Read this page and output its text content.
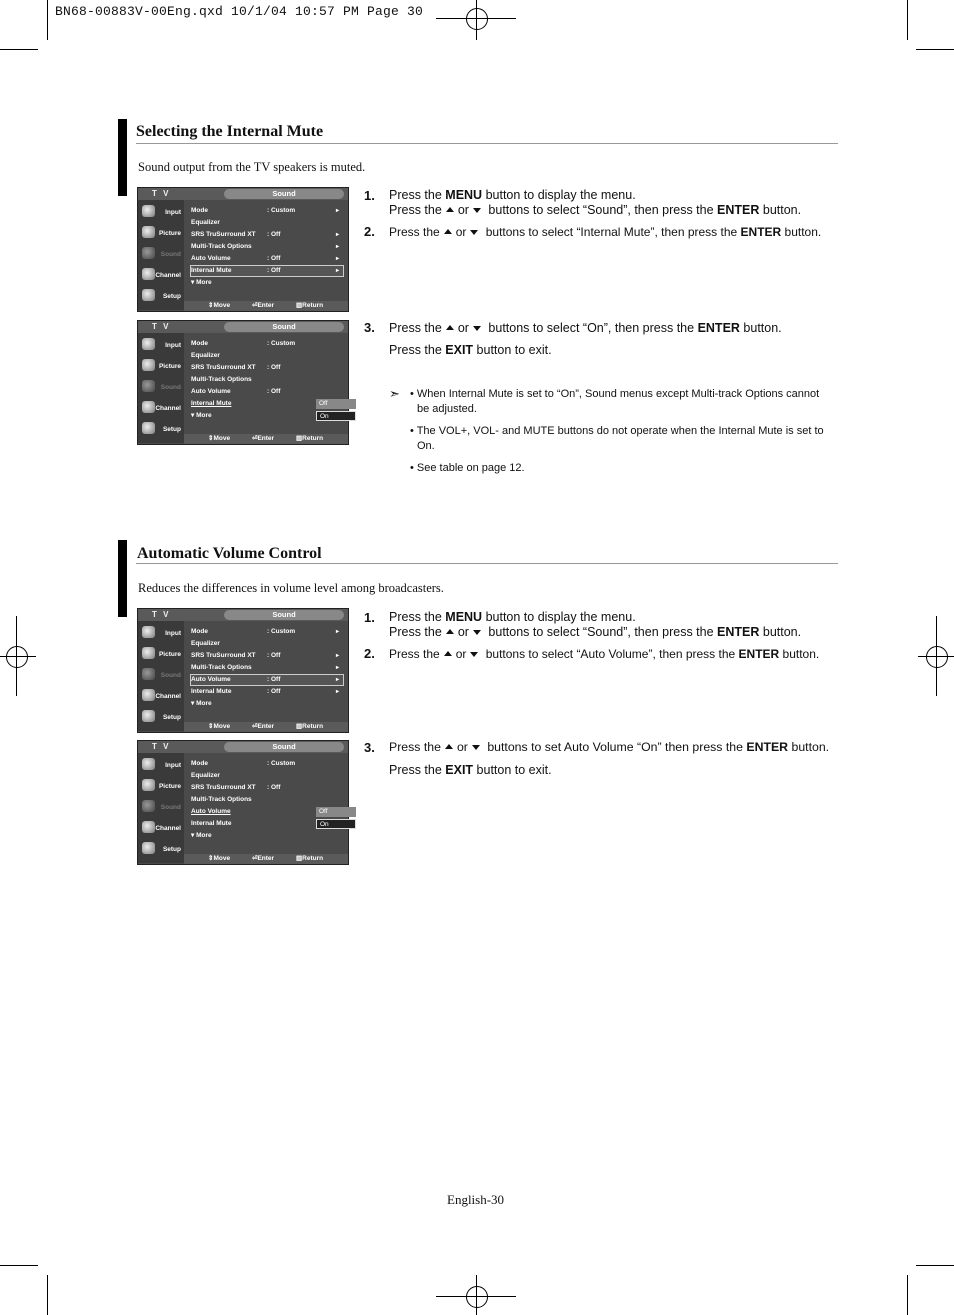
BN68-00883V-00Eng.qxd 10/1/04 10:57 PM Page 30
Selecting the Internal Mute
Sound output from the TV speakers is muted.
T V	Sound
Input
Picture
Sound
Channel
Setup
Mode	: Custom	▸
Equalizer
SRS TruSurround XT : Off	▸
Multi-Track Options	▸
Auto Volume	: Off	▸
Internal Mute	: Off	▸
▾ More
⇕ Move	⏎ Enter	▥ Return
T V	Sound
Input
Picture
Sound
Channel
Setup
Mode	: Custom
Equalizer
SRS TruSurround XT : Off
Multi-Track Options
Auto Volume	: Off
Internal Mute
▾ More
Off
On
⇕ Move	⏎ Enter	▥ Return
T V	Sound
Input
Picture
Sound
Channel
Setup
Mode	: Custom	▸
Equalizer
SRS TruSurround XT : Off	▸
Multi-Track Options	▸
Auto Volume	: Off	▸
Internal Mute	: Off	▸
▾ More
⇕ Move	⏎ Enter	▥ Return
T V	Sound
Input
Picture
Sound
Channel
Setup
Mode	: Custom
Equalizer
SRS TruSurround XT : Off
Multi-Track Options
Auto Volume
Internal Mute
▾ More
Off
On
⇕ Move	⏎ Enter	▥ Return
1. Press the MENU button to display the menu.
Press the or buttons to select “Sound”, then press the ENTER button.
2. Press the or buttons to select “Internal Mute”, then press the ENTER button.
3. Press the or buttons to select “On”, then press the ENTER button.
Press the EXIT button to exit.
➣ • When Internal Mute is set to “On”, Sound menus except Multi-track Options cannot
be adjusted.
• The VOL+, VOL- and MUTE buttons do not operate when the Internal Mute is set to
On.
• See table on page 12.
Automatic Volume Control
Reduces the differences in volume level among broadcasters.
1. Press the MENU button to display the menu.
Press the or buttons to select “Sound”, then press the ENTER button.
2. Press the or buttons to select “Auto Volume”, then press the ENTER button.
3. Press the or buttons to set Auto Volume “On” then press the ENTER button.
Press the EXIT button to exit.
English-30
